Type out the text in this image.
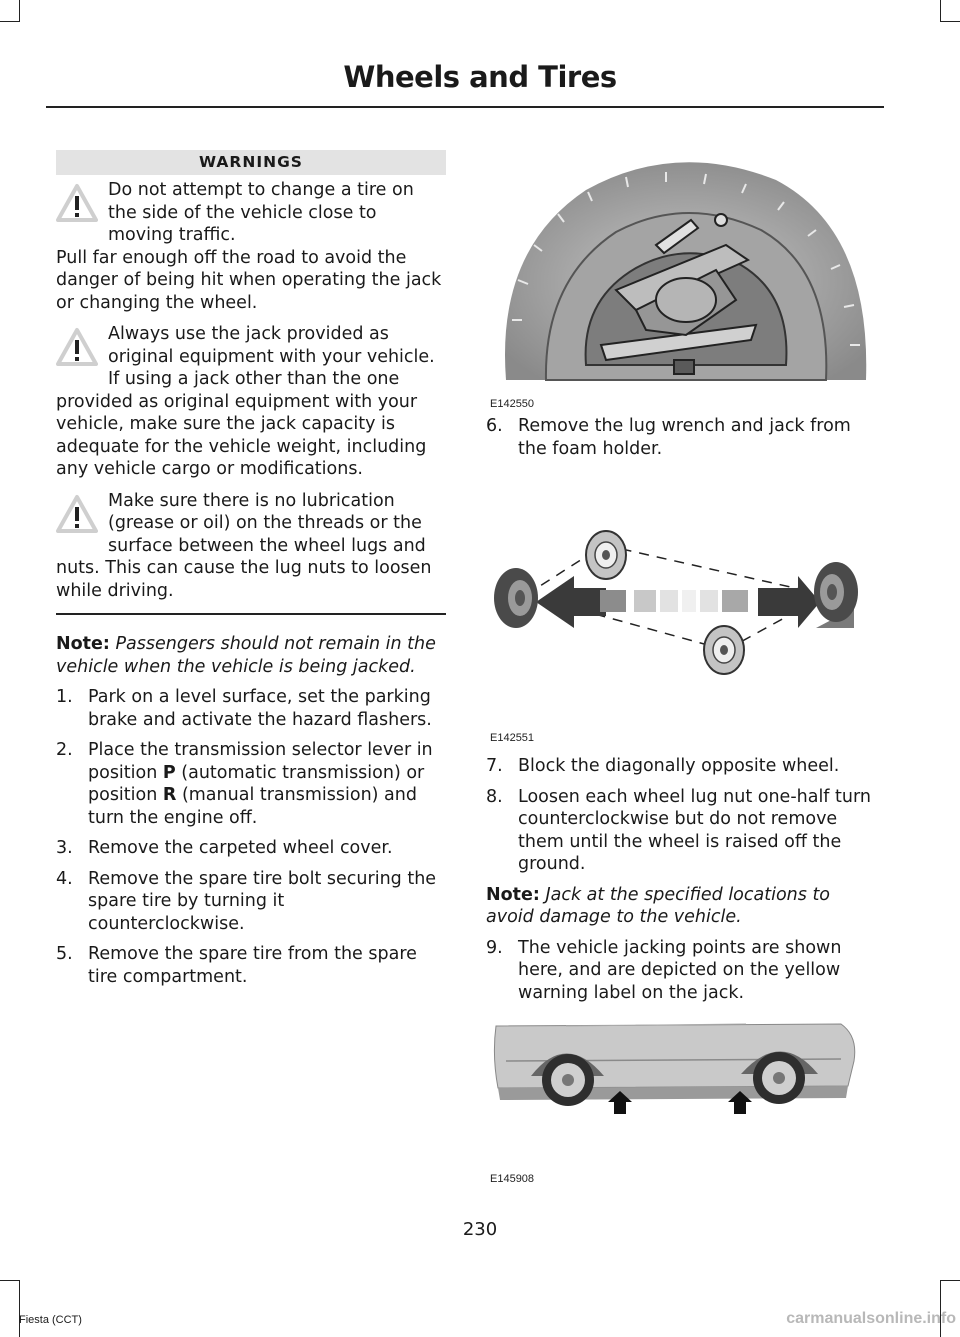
Wheels and Tires
WARNINGS
Do not attempt to change a tire on the side of the vehicle close to moving traffic.
Pull far enough off the road to avoid the danger of being hit when operating the jack or changing the wheel.
Always use the jack provided as original equipment with your vehicle. If using a jack other than the one
provided as original equipment with your vehicle, make sure the jack capacity is adequate for the vehicle weight, including any vehicle cargo or modifications.
Make sure there is no lubrication (grease or oil) on the threads or the surface between the wheel lugs and
nuts. This can cause the lug nuts to loosen while driving.

Note: Passengers should not remain in the vehicle when the vehicle is being jacked.

1. Park on a level surface, set the parking brake and activate the hazard flashers.
2. Place the transmission selector lever in position P (automatic transmission) or position R (manual transmission) and turn the engine off.
3. Remove the carpeted wheel cover.
4. Remove the spare tire bolt securing the spare tire by turning it counterclockwise.
5. Remove the spare tire from the spare tire compartment.
E142550
6. Remove the lug wrench and jack from the foam holder.
E142551
7. Block the diagonally opposite wheel.
8. Loosen each wheel lug nut one-half turn counterclockwise but do not remove them until the wheel is raised off the ground.

Note: Jack at the specified locations to avoid damage to the vehicle.

9. The vehicle jacking points are shown here, and are depicted on the yellow warning label on the jack.
E145908
230
Fiesta (CCT)	carmanualsonline.info
